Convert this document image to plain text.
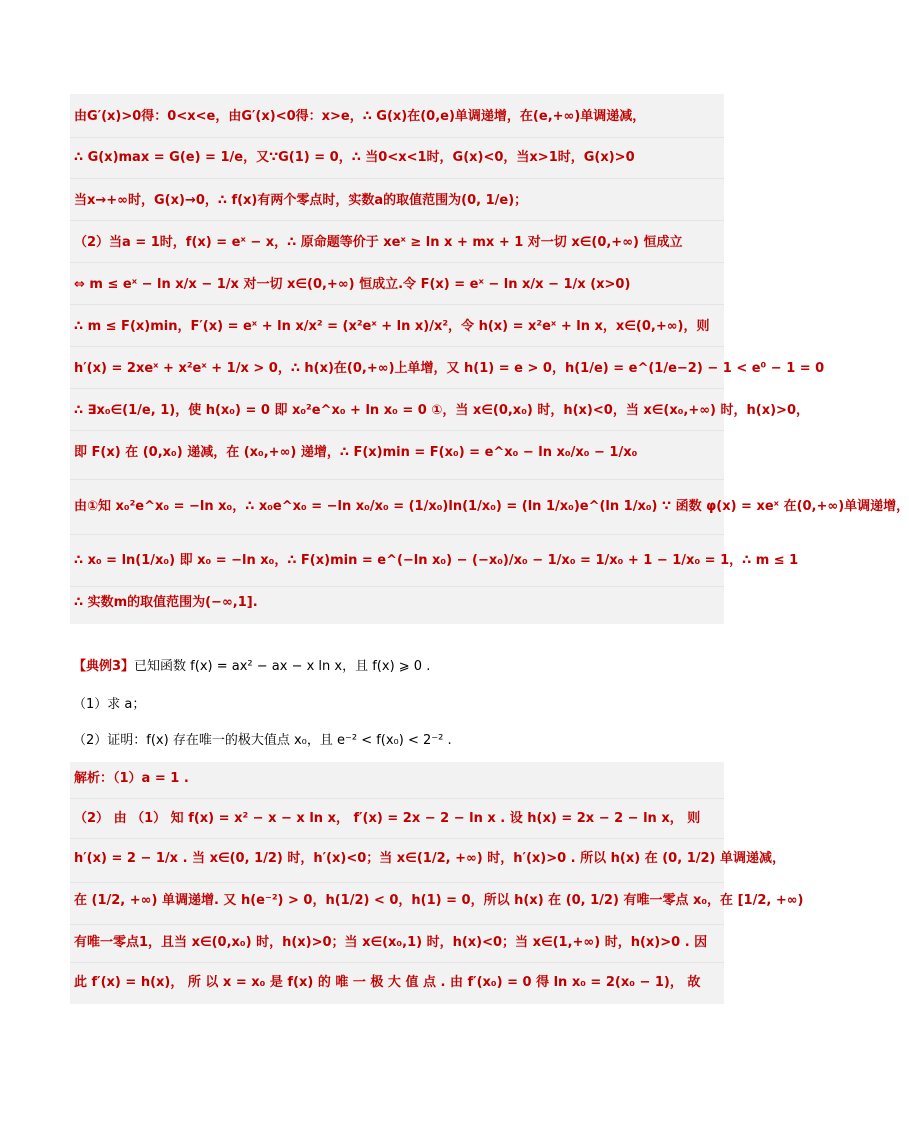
由G′(x)>0得：0<x<e，由G′(x)<0得：x>e，∴ G(x)在(0,e)单调递增，在(e,+∞)单调递减，
∴ G(x)max = G(e) = 1/e，又∵G(1) = 0，∴ 当0<x<1时，G(x)<0，当x>1时，G(x)>0
当x→+∞时，G(x)→0，∴ f(x)有两个零点时，实数a的取值范围为(0, 1/e)；
（2）当a = 1时，f(x) = eˣ − x，∴ 原命题等价于 xeˣ ≥ ln x + mx + 1 对一切 x∈(0,+∞) 恒成立
⇔ m ≤ eˣ − ln x/x − 1/x 对一切 x∈(0,+∞) 恒成立.令 F(x) = eˣ − ln x/x − 1/x (x>0)
∴ m ≤ F(x)min，F′(x) = eˣ + ln x/x² = (x²eˣ + ln x)/x²，令 h(x) = x²eˣ + ln x，x∈(0,+∞)，则
h′(x) = 2xeˣ + x²eˣ + 1/x > 0，∴ h(x)在(0,+∞)上单增，又 h(1) = e > 0，h(1/e) = e^(1/e−2) − 1 < e⁰ − 1 = 0
∴ ∃x₀∈(1/e, 1)，使 h(x₀) = 0 即 x₀²e^x₀ + ln x₀ = 0 ①，当 x∈(0,x₀) 时，h(x)<0，当 x∈(x₀,+∞) 时，h(x)>0，
即 F(x) 在 (0,x₀) 递减，在 (x₀,+∞) 递增，∴ F(x)min = F(x₀) = e^x₀ − ln x₀/x₀ − 1/x₀
由①知 x₀²e^x₀ = −ln x₀，∴ x₀e^x₀ = −ln x₀/x₀ = (1/x₀)ln(1/x₀) = (ln 1/x₀)e^(ln 1/x₀) ∵ 函数 φ(x) = xeˣ 在(0,+∞)单调递增，
∴ x₀ = ln(1/x₀) 即 x₀ = −ln x₀，∴ F(x)min = e^(−ln x₀) − (−x₀)/x₀ − 1/x₀ = 1/x₀ + 1 − 1/x₀ = 1，∴ m ≤ 1
∴ 实数m的取值范围为(−∞,1].
【典例3】已知函数 f(x) = ax² − ax − x ln x，且 f(x) ⩾ 0 .
（1）求 a；
（2）证明：f(x) 存在唯一的极大值点 x₀，且 e⁻² < f(x₀) < 2⁻² .
解析：（1）a = 1 .
（2） 由 （1） 知 f(x) = x² − x − x ln x， f′(x) = 2x − 2 − ln x . 设 h(x) = 2x − 2 − ln x， 则
h′(x) = 2 − 1/x . 当 x∈(0, 1/2) 时，h′(x)<0；当 x∈(1/2, +∞) 时，h′(x)>0 . 所以 h(x) 在 (0, 1/2) 单调递减，
在 (1/2, +∞) 单调递增. 又 h(e⁻²) > 0，h(1/2) < 0，h(1) = 0，所以 h(x) 在 (0, 1/2) 有唯一零点 x₀，在 [1/2, +∞)
有唯一零点1，且当 x∈(0,x₀) 时，h(x)>0；当 x∈(x₀,1) 时，h(x)<0；当 x∈(1,+∞) 时，h(x)>0 . 因
此 f′(x) = h(x)， 所 以 x = x₀ 是 f(x) 的 唯 一 极 大 值 点 . 由 f′(x₀) = 0 得 ln x₀ = 2(x₀ − 1)， 故
